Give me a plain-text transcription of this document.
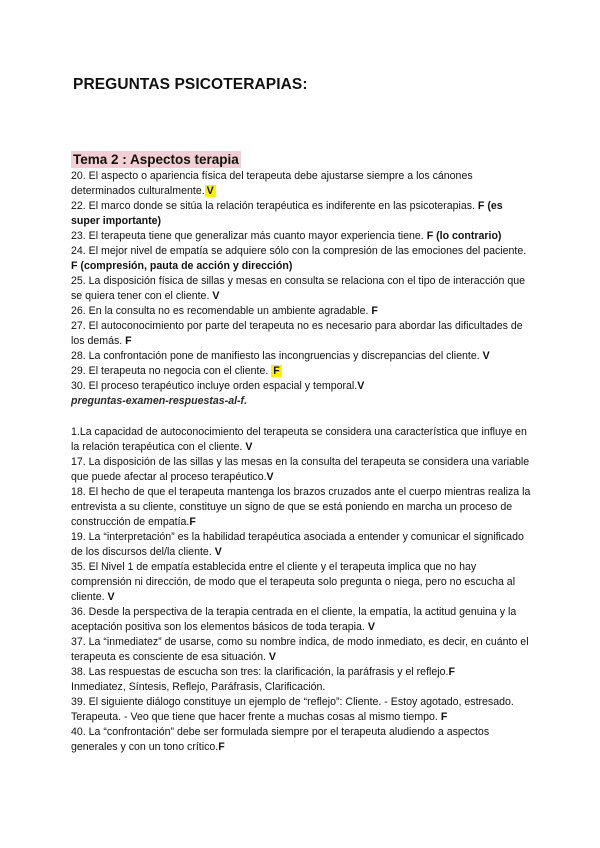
PREGUNTAS PSICOTERAPIAS:
Tema 2 : Aspectos terapia

20. El aspecto o apariencia física del terapeuta debe ajustarse siempre a los cánones determinados culturalmente. V

22. El marco donde se sitúa la relación terapéutica es indiferente en las psicoterapias. F (es super importante)

23. El terapeuta tiene que generalizar más cuanto mayor experiencia tiene. F (lo contrario)

24. El mejor nivel de empatía se adquiere sólo con la compresión de las emociones del paciente. F (compresión, pauta de acción y dirección)

25. La disposición física de sillas y mesas en consulta se relaciona con el tipo de interacción que se quiera tener con el cliente. V

26. En la consulta no es recomendable un ambiente agradable. F

27. El autoconocimiento por parte del terapeuta no es necesario para abordar las dificultades de los demás. F

28. La confrontación pone de manifiesto las incongruencias y discrepancias del cliente. V

29. El terapeuta no negocia con el cliente. F

30. El proceso terapéutico incluye orden espacial y temporal.V

preguntas-examen-respuestas-al-f.

1.La capacidad de autoconocimiento del terapeuta se considera una característica que influye en la relación terapéutica con el cliente. V

17. La disposición de las sillas y las mesas en la consulta del terapeuta se considera una variable que puede afectar al proceso terapéutico.V

18. El hecho de que el terapeuta mantenga los brazos cruzados ante el cuerpo mientras realiza la entrevista a su cliente, constituye un signo de que se está poniendo en marcha un proceso de construcción de empatía.F

19. La “interpretación” es la habilidad terapéutica asociada a entender y comunicar el significado de los discursos del/la cliente. V

35. El Nivel 1 de empatía establecida entre el cliente y el terapeuta implica que no hay comprensión ni dirección, de modo que el terapeuta solo pregunta o niega, pero no escucha al cliente. V

36. Desde la perspectiva de la terapia centrada en el cliente, la empatía, la actitud genuina y la aceptación positiva son los elementos básicos de toda terapia. V

37. La “inmediatez” de usarse, como su nombre indica, de modo inmediato, es decir, en cuánto el terapeuta es consciente de esa situación. V

38. Las respuestas de escucha son tres: la clarificación, la paráfrasis y el reflejo.F
Inmediatez, Síntesis, Reflejo, Paráfrasis, Clarificación.

39. El siguiente diálogo constituye un ejemplo de “reflejo”: Cliente. - Estoy agotado, estresado. Terapeuta. - Veo que tiene que hacer frente a muchas cosas al mismo tiempo. F

40. La “confrontación” debe ser formulada siempre por el terapeuta aludiendo a aspectos generales y con un tono crítico.F
